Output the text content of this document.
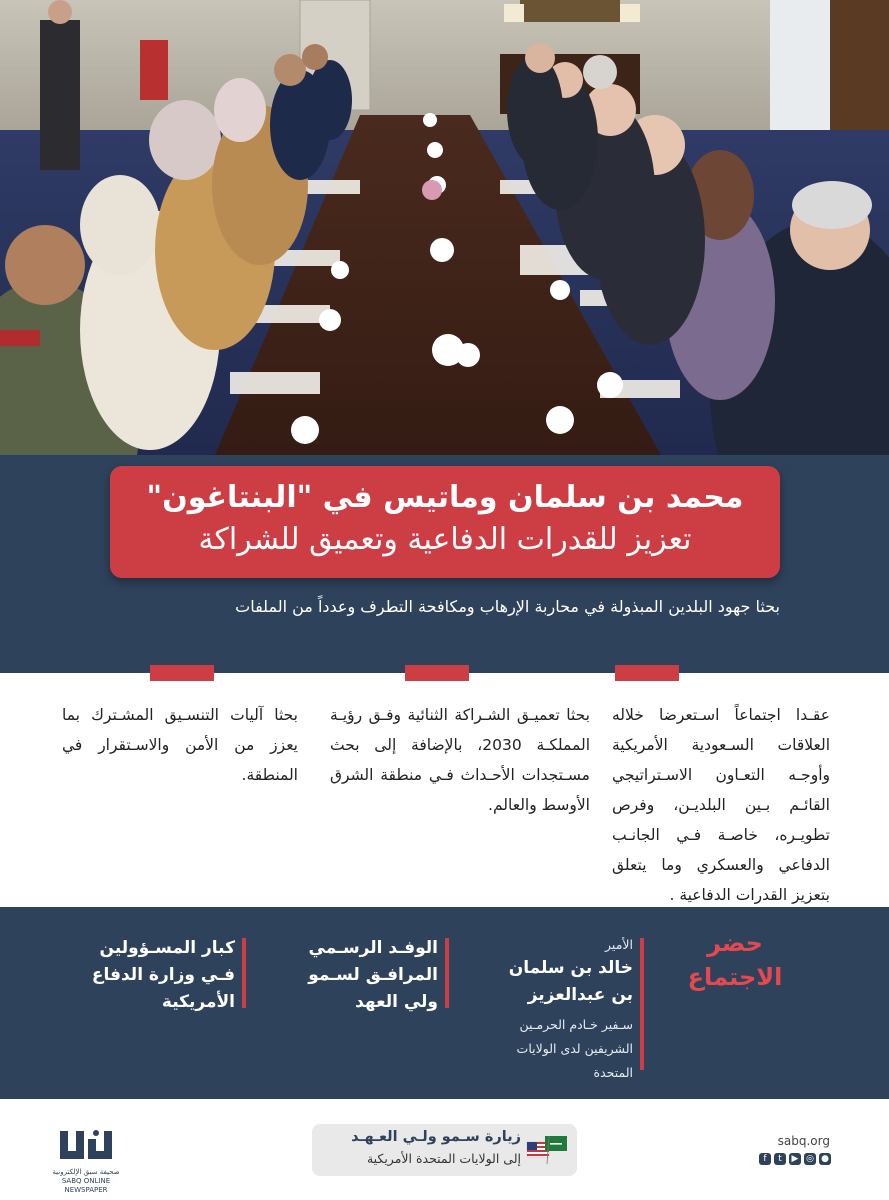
محمد بن سلمان وماتيس في "البنتاغون"
تعزيز للقدرات الدفاعية وتعميق للشراكة
بحثا جهود البلدين المبذولة في محاربة الإرهاب ومكافحة التطرف وعدداً من الملفات
عقـدا اجتماعاً اسـتعرضا خلاله العلاقات السـعودية الأمريكية وأوجـه التعـاون الاسـتراتيجي القائـم بـين البلديـن، وفرص تطويـره، خاصـة فـي الجانـب الدفاعي والعسكري وما يتعلق بتعزيز القدرات الدفاعية .
بحثا تعميـق الشـراكة الثنائية وفـق رؤيـة المملكـة 2030، بالإضافة إلى بحث مسـتجدات الأحـداث فـي منطقة الشرق الأوسط والعالم.
بحثا آليات التنسـيق المشـترك بما يعزز من الأمن والاسـتقرار في المنطقة.
حضر الاجتماع
الأمير
خالد بن سلمان بن عبدالعزيز
سـفير خـادم الحرمـين الشريفين لدى الولايات المتحدة
الوفـد الرسـمي المرافـق لسـمو ولي العهد
كبار المسـؤولين فـي وزارة الدفاع الأمريكية
زيارة سـمو ولـي العـهـد
إلى الولايات المتحدة الأمريكية
sabq.org
f	t	▶ ◎ ●
صحيفة سبق الإلكترونية
SABQ ONLINE NEWSPAPER
